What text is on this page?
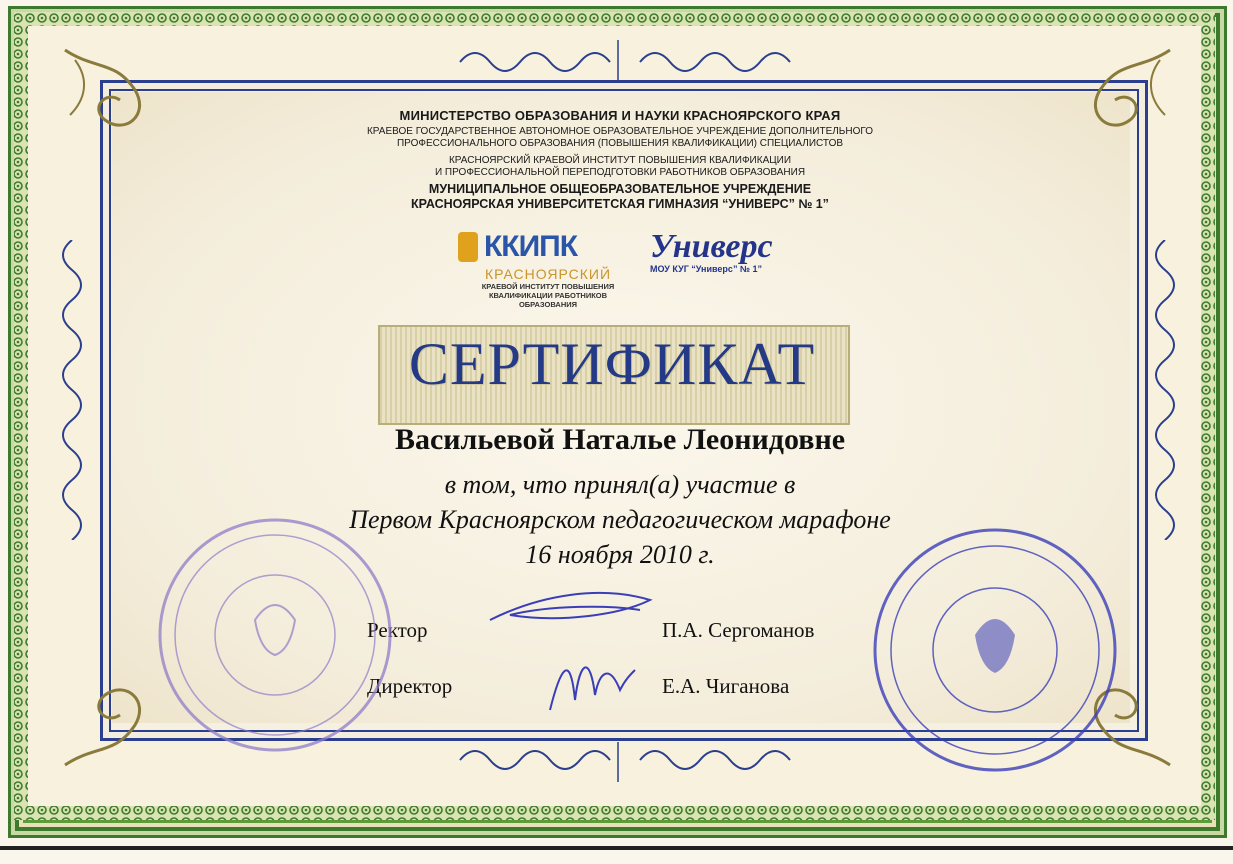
МИНИСТЕРСТВО ОБРАЗОВАНИЯ И НАУКИ КРАСНОЯРСКОГО КРАЯ
КРАЕВОЕ ГОСУДАРСТВЕННОЕ АВТОНОМНОЕ ОБРАЗОВАТЕЛЬНОЕ УЧРЕЖДЕНИЕ ДОПОЛНИТЕЛЬНОГО
ПРОФЕССИОНАЛЬНОГО ОБРАЗОВАНИЯ (ПОВЫШЕНИЯ КВАЛИФИКАЦИИ) СПЕЦИАЛИСТОВ
КРАСНОЯРСКИЙ КРАЕВОЙ ИНСТИТУТ ПОВЫШЕНИЯ КВАЛИФИКАЦИИ
И ПРОФЕССИОНАЛЬНОЙ ПЕРЕПОДГОТОВКИ РАБОТНИКОВ ОБРАЗОВАНИЯ
МУНИЦИПАЛЬНОЕ ОБЩЕОБРАЗОВАТЕЛЬНОЕ УЧРЕЖДЕНИЕ
КРАСНОЯРСКАЯ УНИВЕРСИТЕТСКАЯ ГИМНАЗИЯ “УНИВЕРС” № 1”
ККИПК
КРАСНОЯРСКИЙ
КРАЕВОЙ ИНСТИТУТ ПОВЫШЕНИЯ КВАЛИФИКАЦИИ РАБОТНИКОВ ОБРАЗОВАНИЯ
Универс
МОУ КУГ “Универс” № 1”
СЕРТИФИКАТ
Васильевой Натальe Леонидовне
в том, что принял(а) участие в
Первом Красноярском педагогическом марафоне
16 ноября 2010 г.
Ректор	П.А. Сергоманов
Директор	Е.А. Чиганова
